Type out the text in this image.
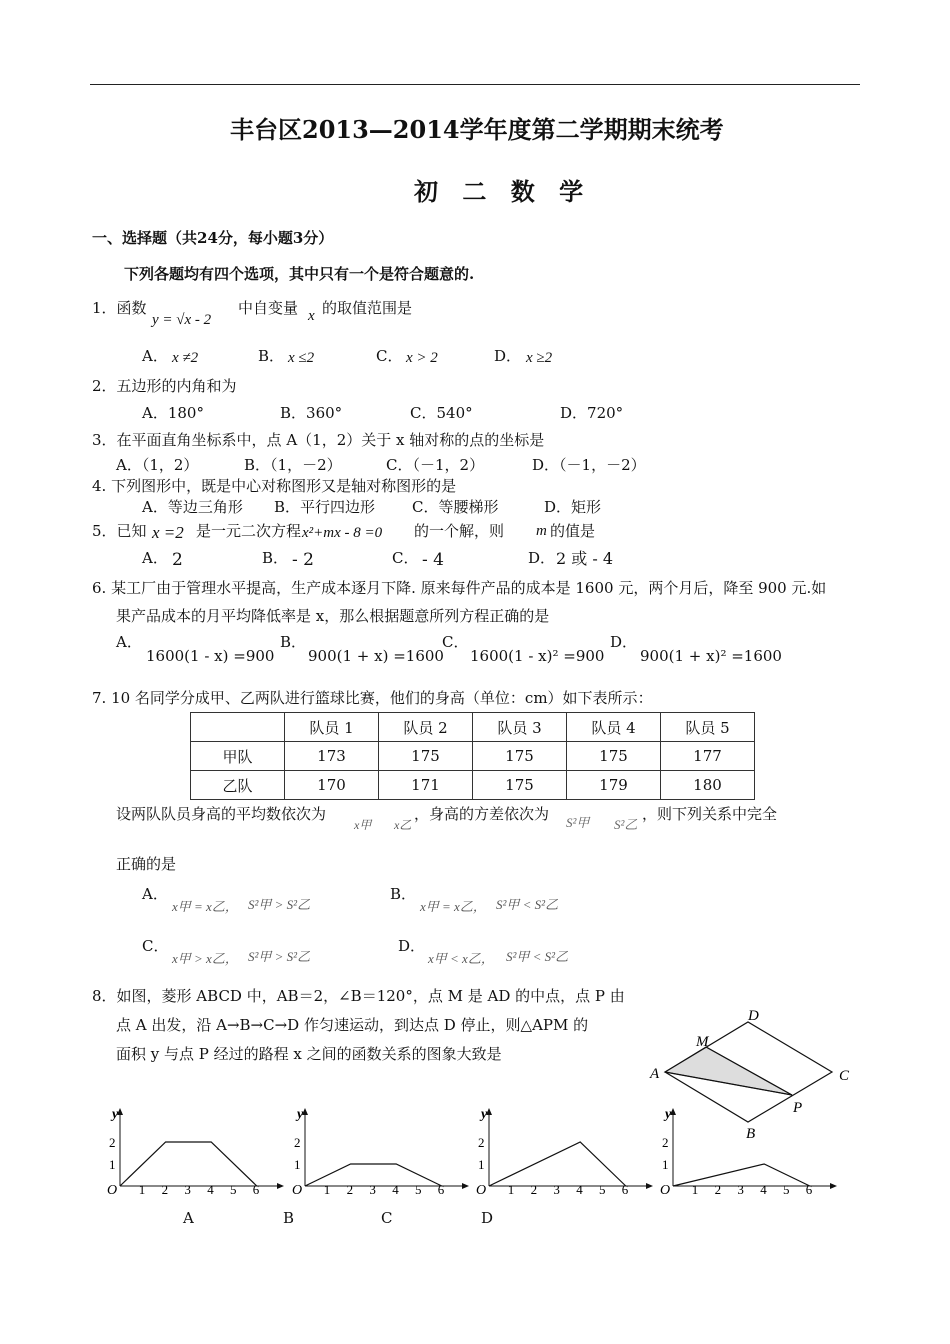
丰台区2013—2014学年度第二学期期末统考
初 二 数 学
一、选择题（共24分，每小题3分）
下列各题均有四个选项，其中只有一个是符合题意的.
1．函数
y = √x - 2
中自变量 x 的取值范围是
A． x ≠2	B． x ≤2	C． x > 2	D． x ≥2
2．五边形的内角和为
A．180°	B．360°	C．540°	D．720°
3．在平面直角坐标系中，点 A（1，2）关于 x 轴对称的点的坐标是
A．（1，2）	B．（1，－2）	C．（－1，2）	D．（－1，－2）
4. 下列图形中，既是中心对称图形又是轴对称图形的是
A．等边三角形 B．平行四边形 C．等腰梯形	D．矩形
5．已知 x =2 是一元二次方程 x²+mx - 8 =0 的一个解，则 m 的值是
A． 2	B． - 2	C． - 4	D． 2 或 - 4
6. 某工厂由于管理水平提高，生产成本逐月下降. 原来每件产品的成本是 1600 元，两个月后，降至 900 元.如
果产品成本的月平均降低率是 x，那么根据题意所列方程正确的是
A．
1600(1 - x) =900
B．
900(1 + x) =1600
C．
1600(1 - x)² =900
D．
900(1 + x)² =1600
7. 10 名同学分成甲、乙两队进行篮球比赛，他们的身高（单位：cm）如下表所示：
	队员 1	队员 2	队员 3	队员 4	队员 5
甲队	173	175	175	175	177
乙队	170	171	175	179	180
设两队队员身高的平均数依次为
x甲 x乙
，身高的方差依次为 S²甲 S²乙
，则下列关系中完全
正确的是
A．
x甲 = x乙， S²甲 > S²乙
B．
x甲 = x乙， S²甲 < S²乙
C．
x甲 > x乙， S²甲 > S²乙
D．
x甲 < x乙， S²甲 < S²乙
8．如图，菱形 ABCD 中，AB＝2，∠B＝120°，点 M 是 AD 的中点，点 P 由
点 A 出发，沿 A→B→C→D 作匀速运动，到达点 D 停止，则△APM 的
面积 y 与点 P 经过的路程 x 之间的函数关系的图象大致是
D
M
A	C
P
B
y
O 1 2 3 4 5 6
1
2
y
O 1 2 3 4 5 6
1
2
y
O 1 2 3 4 5 6
1
2
y
O 1 2 3 4 5 6
1
2
A	B	C	D
